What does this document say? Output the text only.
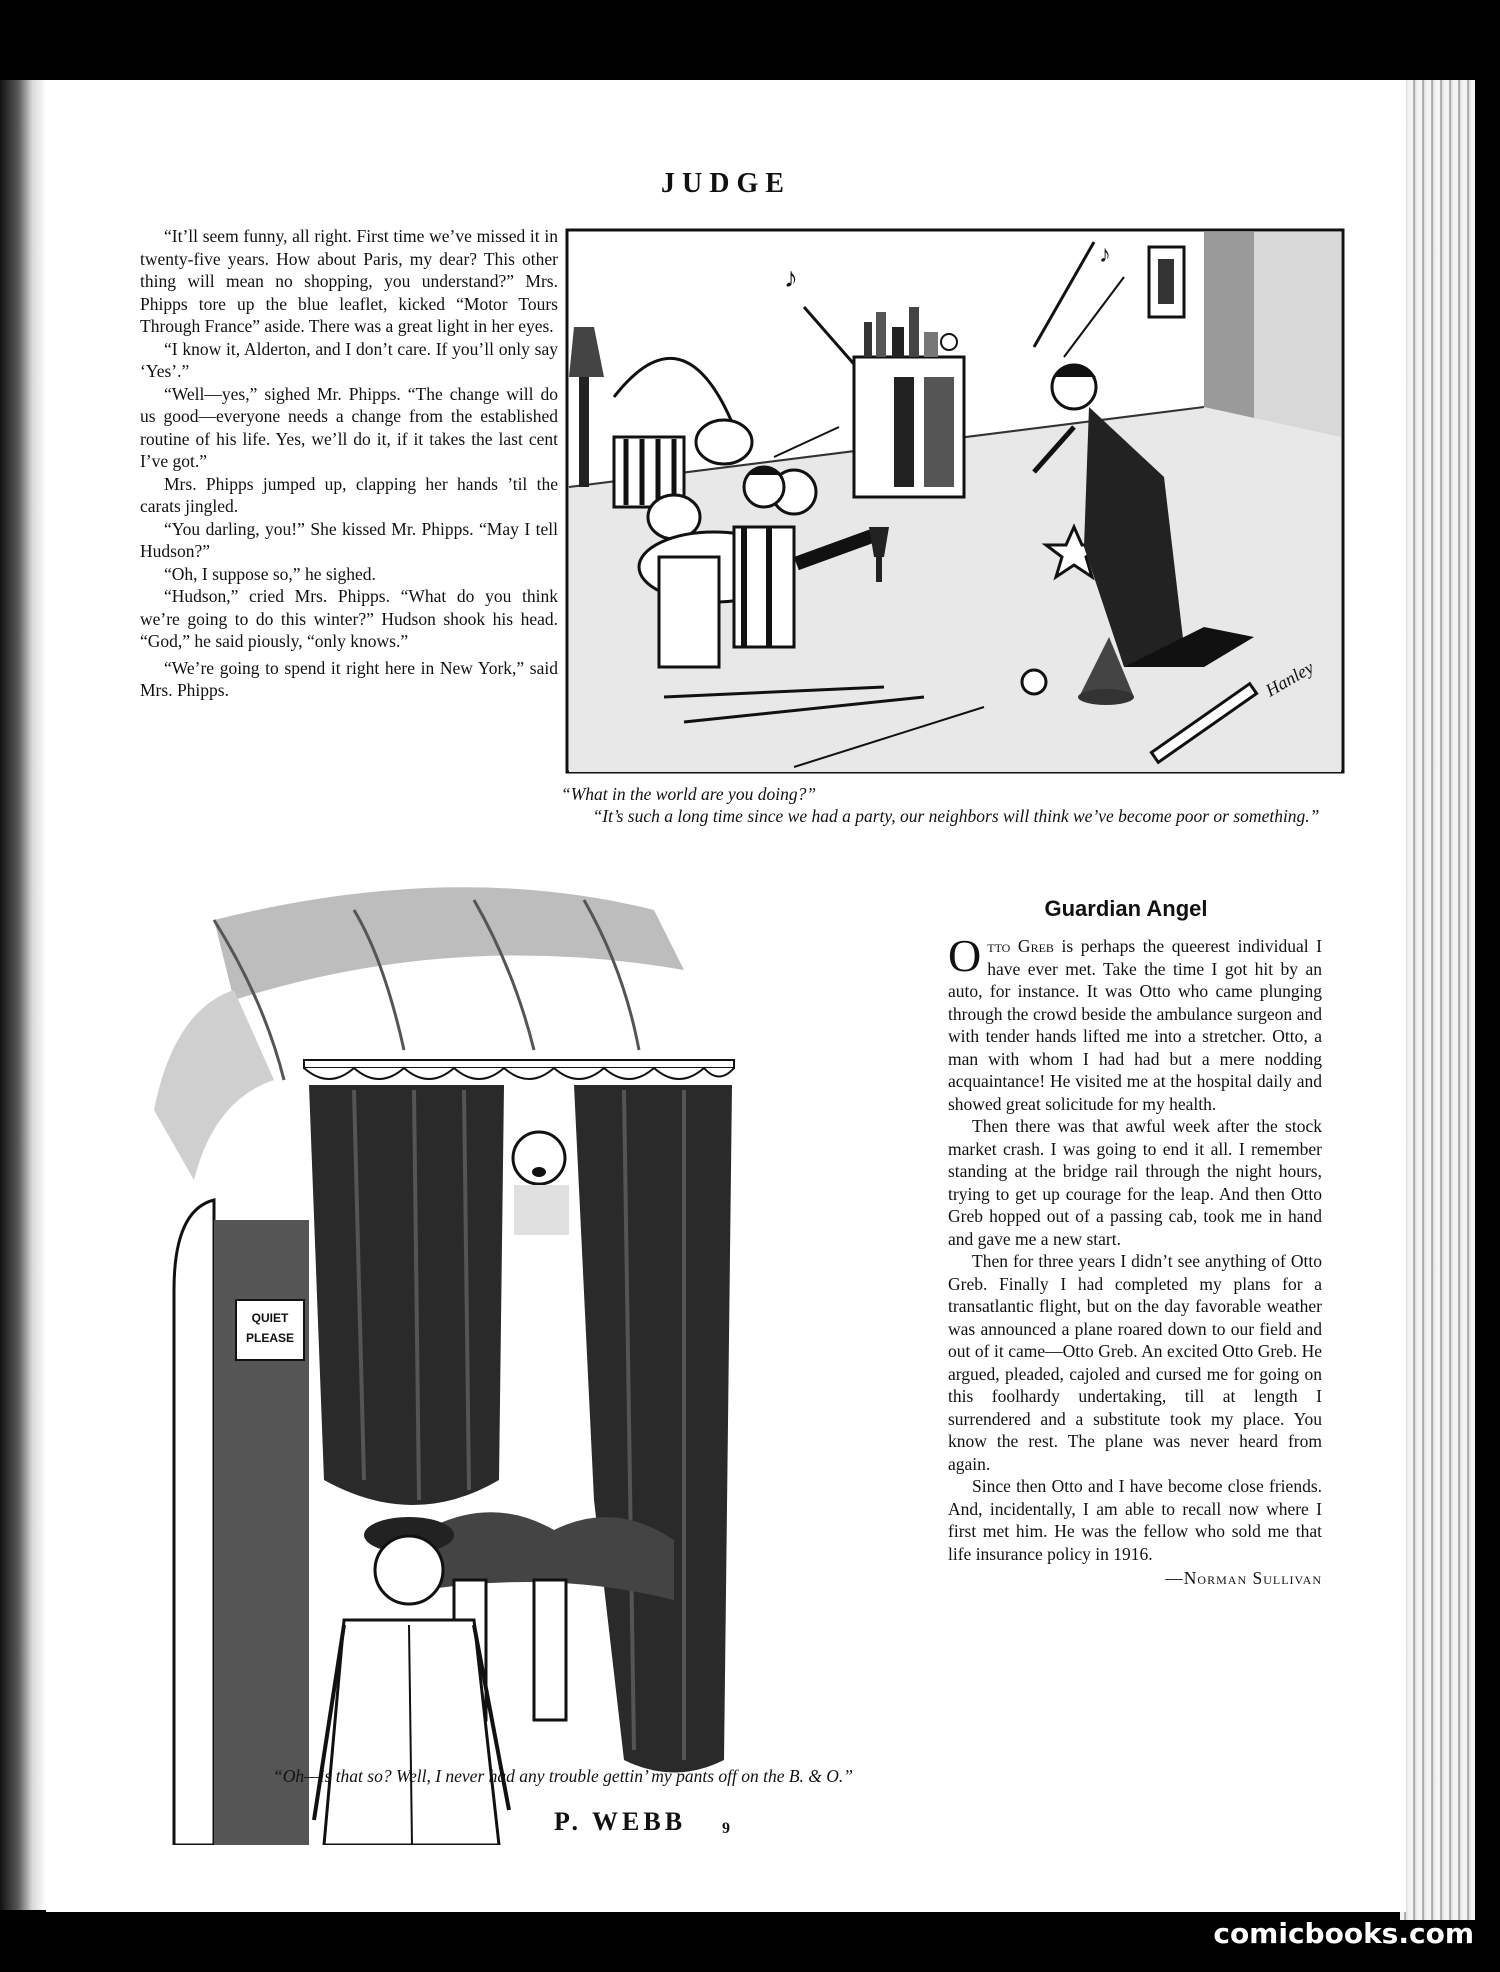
JUDGE

“It’ll seem funny, all right. First time we’ve missed it in twenty-five years. How about Paris, my dear? This other thing will mean no shopping, you understand?” Mrs. Phipps tore up the blue leaflet, kicked “Motor Tours Through France” aside. There was a great light in her eyes.

“I know it, Alderton, and I don’t care. If you’ll only say ‘Yes’.”

“Well—yes,” sighed Mr. Phipps. “The change will do us good—everyone needs a change from the established routine of his life. Yes, we’ll do it, if it takes the last cent I’ve got.”

Mrs. Phipps jumped up, clapping her hands ’til the carats jingled.

“You darling, you!” She kissed Mr. Phipps. “May I tell Hudson?”

“Oh, I suppose so,” he sighed.

“Hudson,” cried Mrs. Phipps. “What do you think we’re going to do this winter?” Hudson shook his head. “God,” he said piously, “only knows.”

“We’re going to spend it right here in New York,” said Mrs. Phipps.

♪
♪
Hanley
“What in the world are you doing?”
“It’s such a long time since we had a party, our neighbors will think we’ve become poor or something.”
QUIET
PLEASE
P. WEBB
“Oh—is that so? Well, I never had any trouble gettin’ my pants off on the B. & O.”
Guardian Angel

Otto Greb is perhaps the queerest individual I have ever met. Take the time I got hit by an auto, for instance. It was Otto who came plunging through the crowd beside the ambulance surgeon and with tender hands lifted me into a stretcher. Otto, a man with whom I had had but a mere nodding acquaintance! He visited me at the hospital daily and showed great solicitude for my health.

Then there was that awful week after the stock market crash. I was going to end it all. I remember standing at the bridge rail through the night hours, trying to get up courage for the leap. And then Otto Greb hopped out of a passing cab, took me in hand and gave me a new start.

Then for three years I didn’t see anything of Otto Greb. Finally I had completed my plans for a transatlantic flight, but on the day favorable weather was announced a plane roared down to our field and out of it came—Otto Greb. An excited Otto Greb. He argued, pleaded, cajoled and cursed me for going on this foolhardy undertaking, till at length I surrendered and a substitute took my place. You know the rest. The plane was never heard from again.

Since then Otto and I have become close friends. And, incidentally, I am able to recall now where I first met him. He was the fellow who sold me that life insurance policy in 1916.

—Norman Sullivan
9
comicbooks.com
